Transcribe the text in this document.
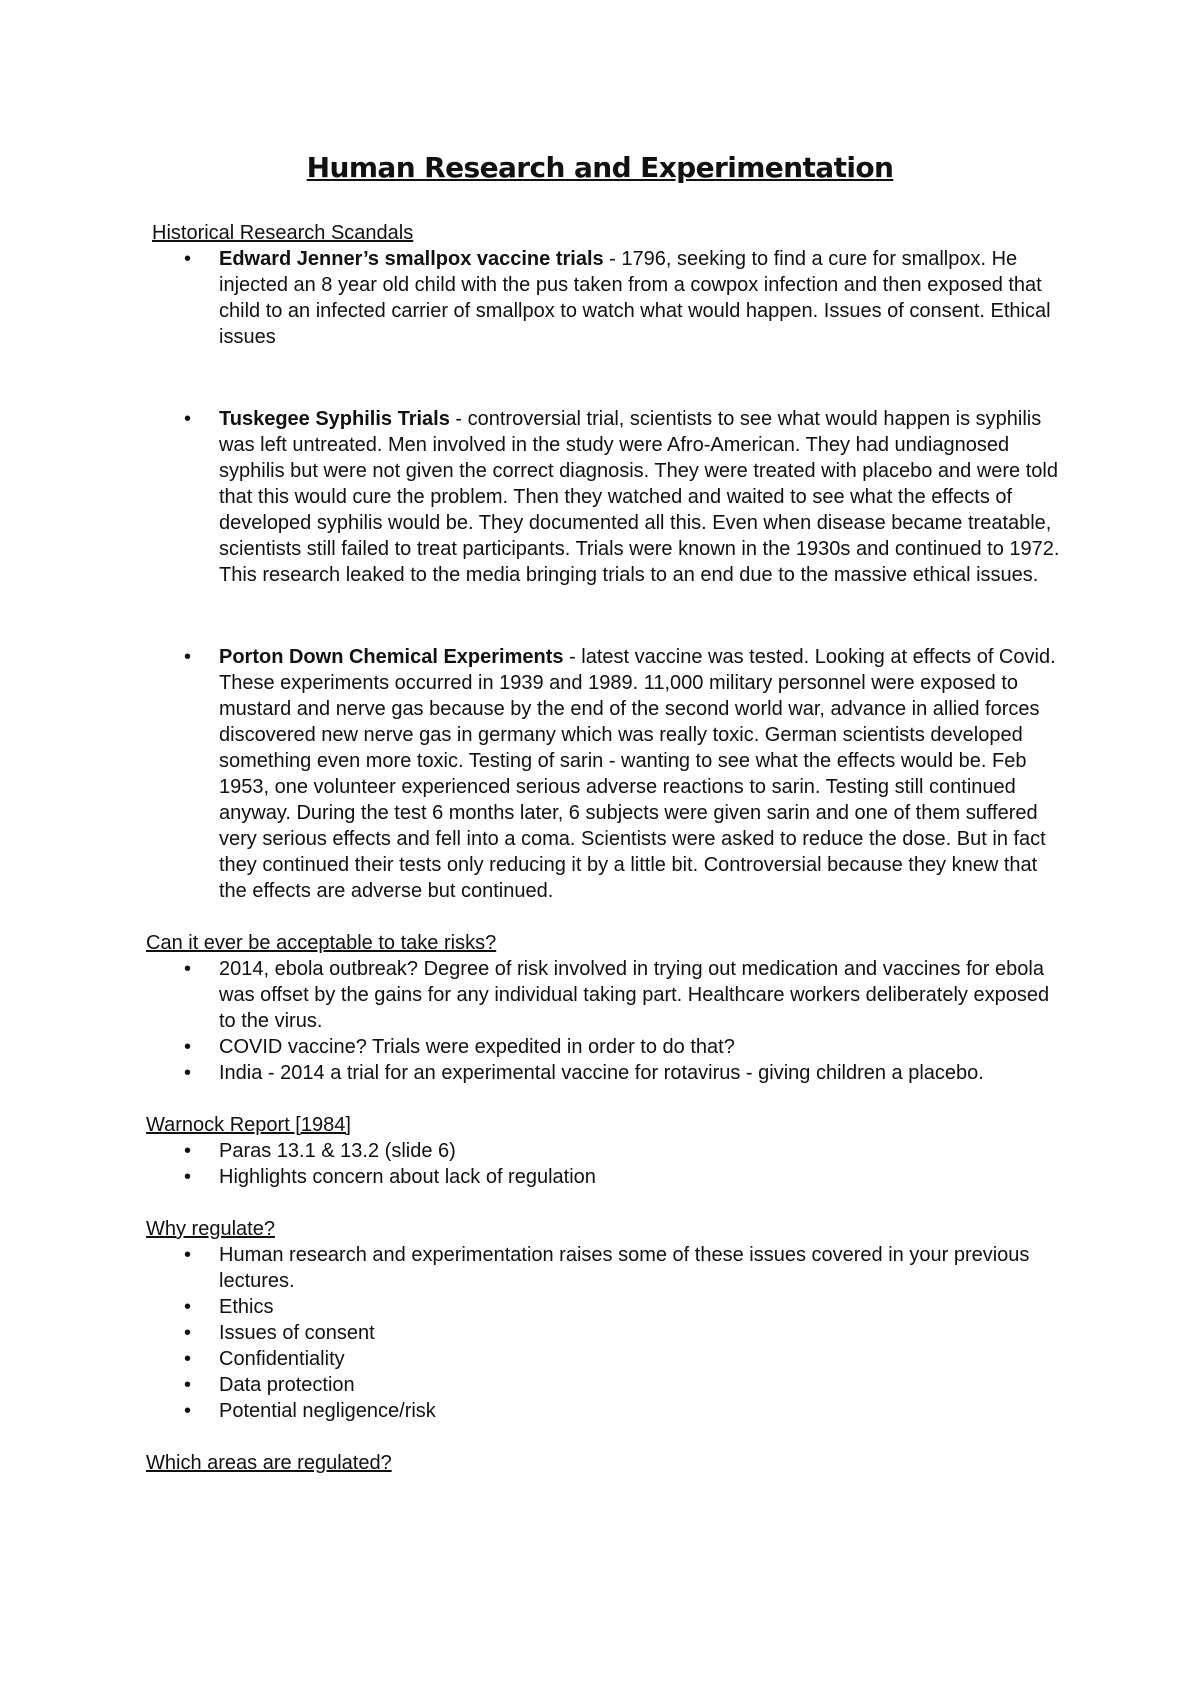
Human Research and Experimentation

Historical Research Scandals

• Edward Jenner’s smallpox vaccine trials - 1796, seeking to find a cure for smallpox. He injected an 8 year old child with the pus taken from a cowpox infection and then exposed that child to an infected carrier of smallpox to watch what would happen. Issues of consent. Ethical issues
• Tuskegee Syphilis Trials - controversial trial, scientists to see what would happen is syphilis was left untreated. Men involved in the study were Afro-American. They had undiagnosed syphilis but were not given the correct diagnosis. They were treated with placebo and were told that this would cure the problem. Then they watched and waited to see what the effects of developed syphilis would be. They documented all this. Even when disease became treatable, scientists still failed to treat participants. Trials were known in the 1930s and continued to 1972. This research leaked to the media bringing trials to an end due to the massive ethical issues.
• Porton Down Chemical Experiments - latest vaccine was tested. Looking at effects of Covid. These experiments occurred in 1939 and 1989. 11,000 military personnel were exposed to mustard and nerve gas because by the end of the second world war, advance in allied forces discovered new nerve gas in germany which was really toxic. German scientists developed something even more toxic. Testing of sarin - wanting to see what the effects would be. Feb 1953, one volunteer experienced serious adverse reactions to sarin. Testing still continued anyway. During the test 6 months later, 6 subjects were given sarin and one of them suffered very serious effects and fell into a coma. Scientists were asked to reduce the dose. But in fact they continued their tests only reducing it by a little bit. Controversial because they knew that the effects are adverse but continued.

Can it ever be acceptable to take risks?

• 2014, ebola outbreak? Degree of risk involved in trying out medication and vaccines for ebola was offset by the gains for any individual taking part. Healthcare workers deliberately exposed to the virus.
• COVID vaccine? Trials were expedited in order to do that?
• India - 2014 a trial for an experimental vaccine for rotavirus - giving children a placebo.

Warnock Report [1984]

• Paras 13.1 & 13.2 (slide 6)
• Highlights concern about lack of regulation

Why regulate?

• Human research and experimentation raises some of these issues covered in your previous lectures.
• Ethics
• Issues of consent
• Confidentiality
• Data protection
• Potential negligence/risk

Which areas are regulated?
